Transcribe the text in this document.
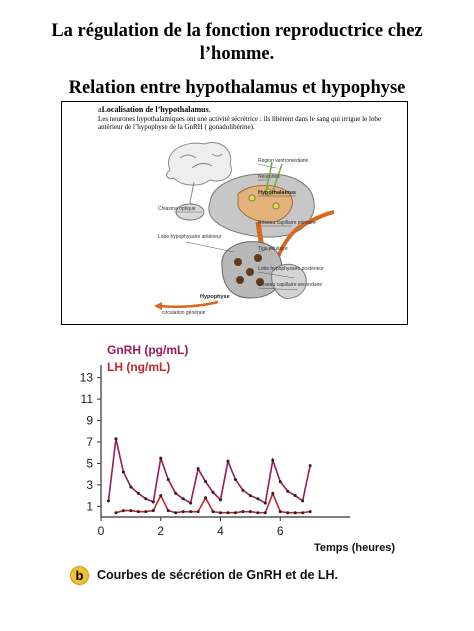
La régulation de la fonction reproductrice chez l’homme.
Relation entre hypothalamus et hypophyse
aLocalisation de l’hypothalamus.
Les neurones hypothalamiques ont une activité sécrétrice : ils libèrent dans le sang qui irrigue le lobe antérieur de l’hypophyse de la GnRH ( gonadolibérine).
Région ventromédiane
Neurones
Hypothalamus
Chiasma optique
Lobe hypophysaire antérieur
Réseau capillaire primaire
Tige pituitaire
Lobe hypophysaire postérieur
Réseau capillaire secondaire
Hypophyse
circulation générale
GnRH (pg/mL)
LH (ng/mL)
1
3
5
7
9
11
13
0	2	4	6
Temps (heures)
b	Courbes de sécrétion de GnRH et de LH.
